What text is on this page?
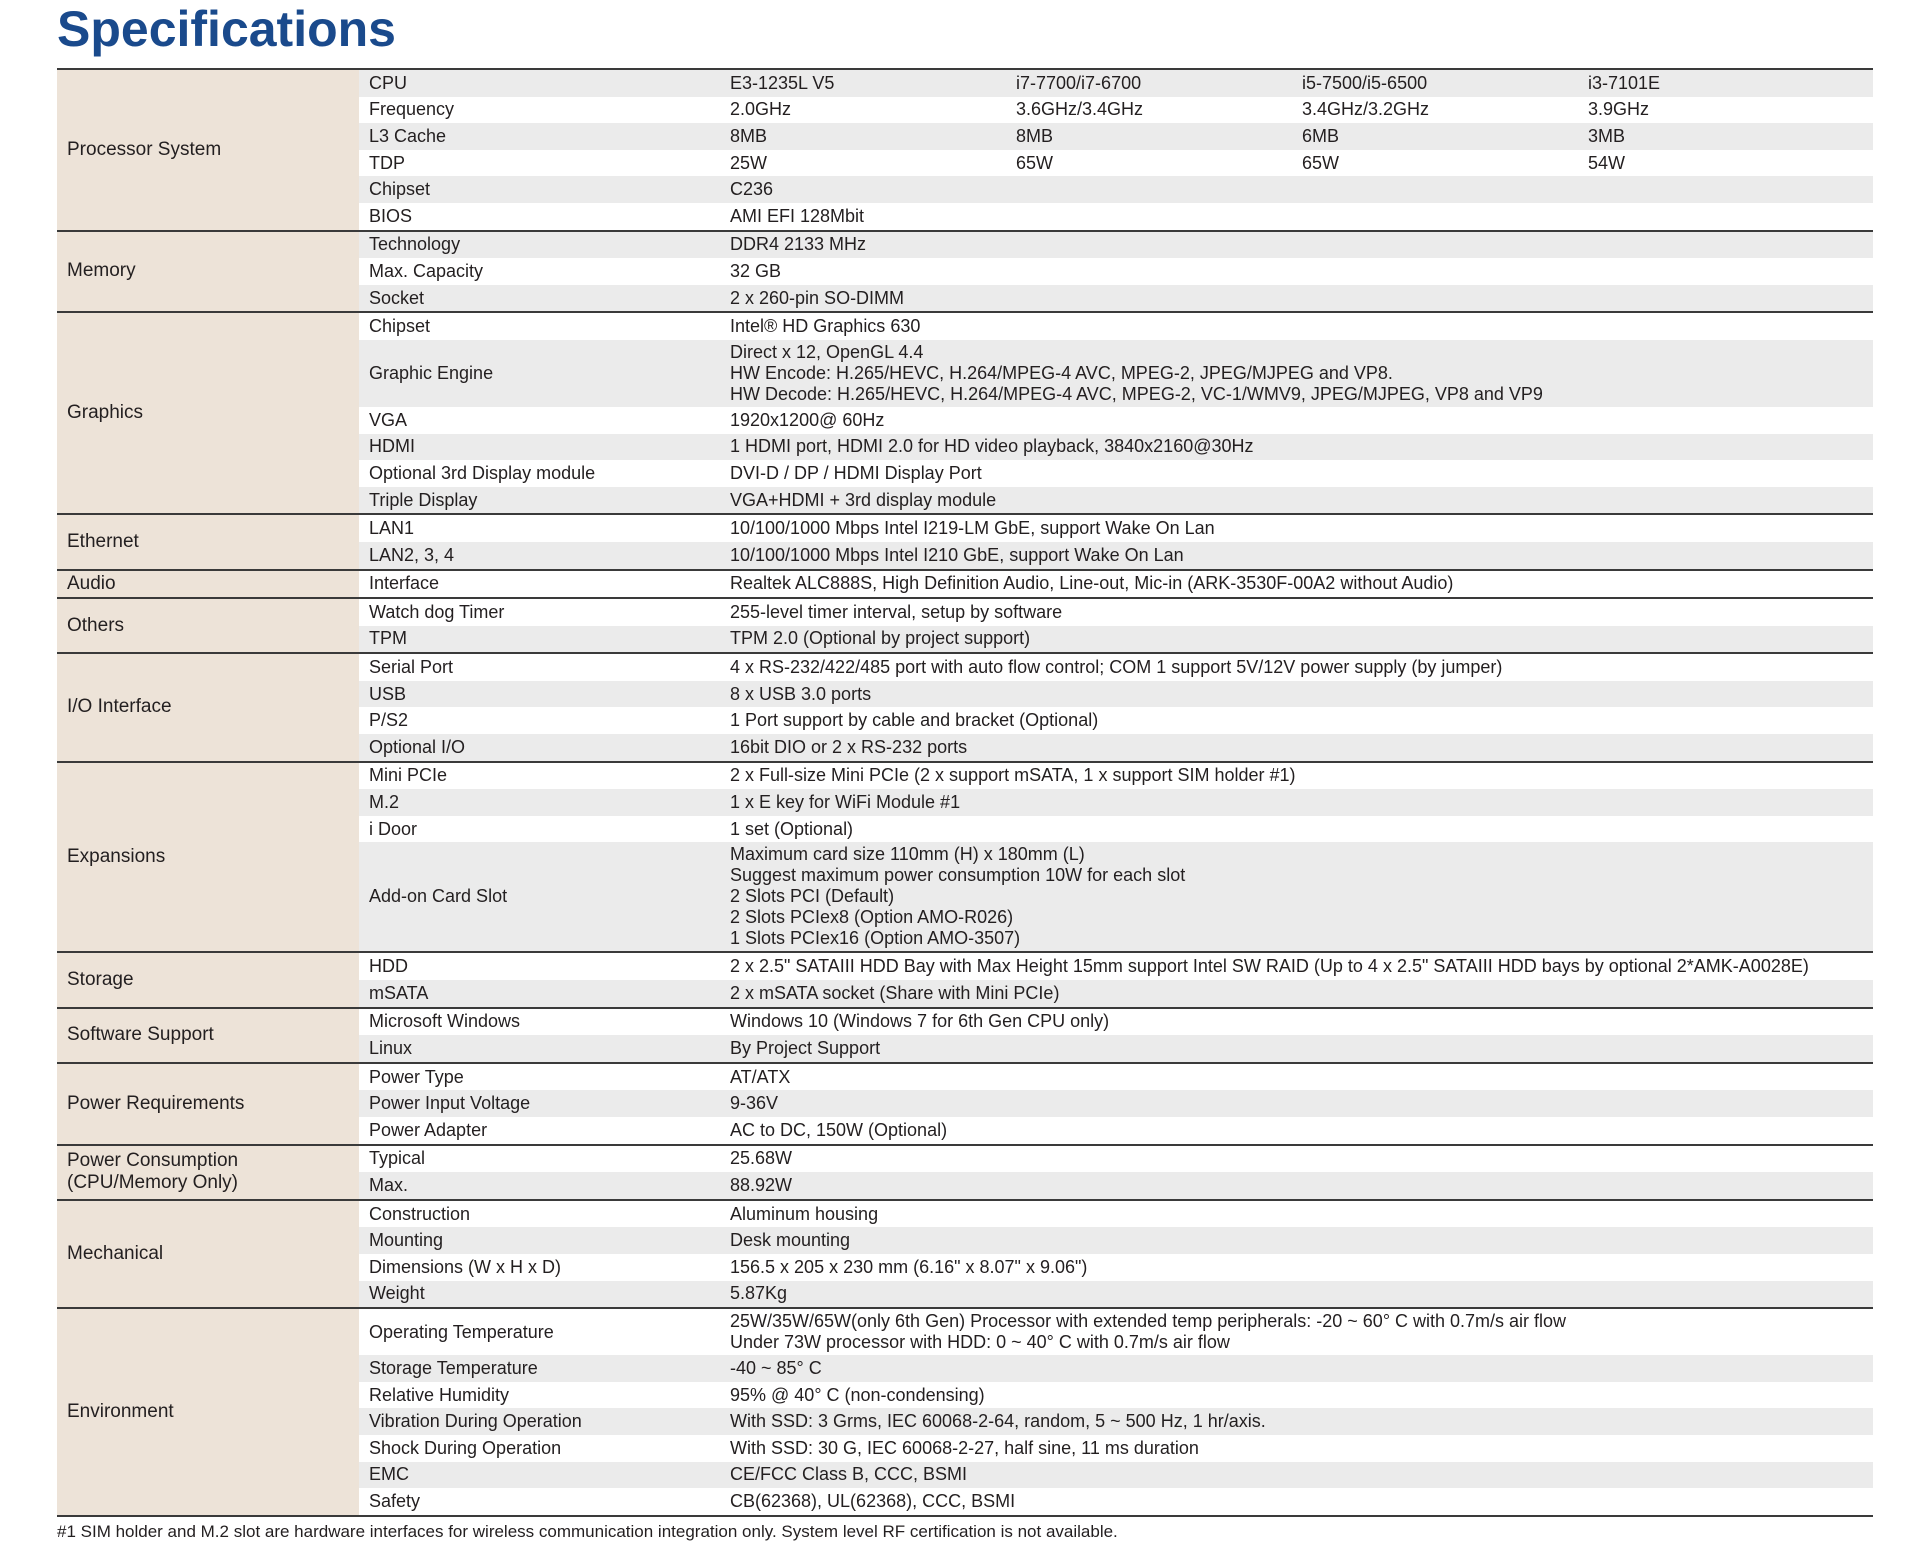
Specifications
Processor System	CPU	E3-1235L V5	i7-7700/i7-6700	i5-7500/i5-6500	i3-7101E
	Frequency	2.0GHz	3.6GHz/3.4GHz	3.4GHz/3.2GHz	3.9GHz
	L3 Cache	8MB	8MB	6MB	3MB
	TDP	25W	65W	65W	54W
	Chipset	C236			
	BIOS	AMI EFI 128Mbit			
Memory	Technology	DDR4 2133 MHz			
	Max. Capacity	32 GB			
	Socket	2 x 260-pin SO-DIMM			
Graphics	Chipset	Intel® HD Graphics 630			
	Graphic Engine	Direct x 12, OpenGL 4.4
HW Encode: H.265/HEVC, H.264/MPEG-4 AVC, MPEG-2, JPEG/MJPEG and VP8.
HW Decode: H.265/HEVC, H.264/MPEG-4 AVC, MPEG-2, VC-1/WMV9, JPEG/MJPEG, VP8 and VP9			

	VGA	1920x1200@ 60Hz			
	HDMI	1 HDMI port, HDMI 2.0 for HD video playback, 3840x2160@30Hz			
	Optional 3rd Display module	DVI-D / DP / HDMI Display Port			
	Triple Display	VGA+HDMI + 3rd display module			
Ethernet	LAN1	10/100/1000 Mbps Intel I219-LM GbE, support Wake On Lan			
	LAN2, 3, 4	10/100/1000 Mbps Intel I210 GbE, support Wake On Lan			
Audio	Interface	Realtek ALC888S, High Definition Audio, Line-out, Mic-in (ARK-3530F-00A2 without Audio)			
Others	Watch dog Timer	255-level timer interval, setup by software			
	TPM	TPM 2.0 (Optional by project support)			
I/O Interface	Serial Port	4 x RS-232/422/485 port with auto flow control; COM 1 support 5V/12V power supply (by jumper)			
	USB	8 x USB 3.0 ports			
	P/S2	1 Port support by cable and bracket (Optional)			
	Optional I/O	16bit DIO or 2 x RS-232 ports			
Expansions	Mini PCIe	2 x Full-size Mini PCIe (2 x support mSATA, 1 x support SIM holder #1)			
	M.2	1 x E key for WiFi Module #1			
	i Door	1 set (Optional)			
	Add-on Card Slot	Maximum card size 110mm (H) x 180mm (L)
Suggest maximum power consumption 10W for each slot
2 Slots PCI (Default)
2 Slots PCIex8 (Option AMO-R026)
1 Slots PCIex16 (Option AMO-3507)			

Storage	HDD	2 x 2.5" SATAIII HDD Bay with Max Height 15mm support Intel SW RAID (Up to 4 x 2.5" SATAIII HDD bays by optional 2*AMK-A0028E)			
	mSATA	2 x mSATA socket (Share with Mini PCIe)			
Software Support	Microsoft Windows	Windows 10 (Windows 7 for 6th Gen CPU only)			
	Linux	By Project Support			
Power Requirements	Power Type	AT/ATX			
	Power Input Voltage	9-36V			
	Power Adapter	AC to DC, 150W (Optional)			

Power Consumption
(CPU/Memory Only)	Typical	25.68W			
	Max.	88.92W			
Mechanical	Construction	Aluminum housing			
	Mounting	Desk mounting			
	Dimensions (W x H x D)	156.5 x 205 x 230 mm (6.16" x 8.07" x 9.06")			
	Weight	5.87Kg			
Environment	Operating Temperature	25W/35W/65W(only 6th Gen) Processor with extended temp peripherals: -20 ~ 60° C with 0.7m/s air flow
Under 73W processor with HDD: 0 ~ 40° C with 0.7m/s air flow			

	Storage Temperature	-40 ~ 85° C			
	Relative Humidity	95% @ 40° C (non-condensing)			
	Vibration During Operation	With SSD: 3 Grms, IEC 60068-2-64, random, 5 ~ 500 Hz, 1 hr/axis.			
	Shock During Operation	With SSD: 30 G, IEC 60068-2-27, half sine, 11 ms duration			
	EMC	CE/FCC Class B, CCC, BSMI			
	Safety	CB(62368), UL(62368), CCC, BSMI			
#1 SIM holder and M.2 slot are hardware interfaces for wireless communication integration only. System level RF certification is not available.
